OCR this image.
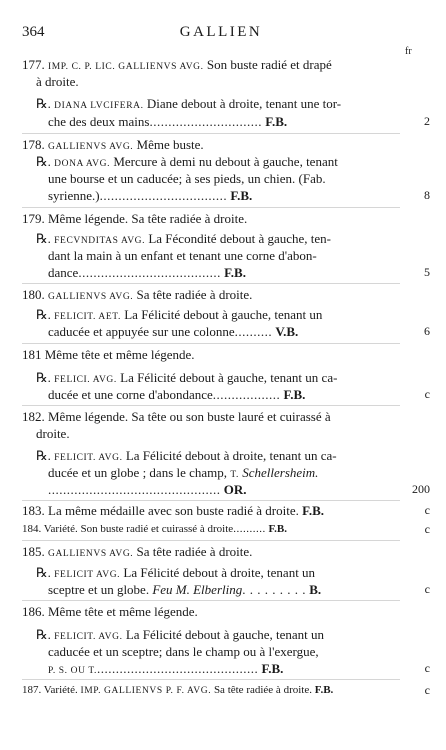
364	GALLIEN
fr
177. IMP. C. P. LIC. GALLIENVS AVG. Son buste radié et drapé
à droite.
℞. DIANA LVCIFERA. Diane debout à droite, tenant une tor-
che des deux mains.............................. F.B.	2
178. GALLIENVS AVG. Même buste.
℞. DONA AVG. Mercure à demi nu debout à gauche, tenant
une bourse et un caducée; à ses pieds, un chien. (Fab.
syrienne.).................................. F.B.	8
179. Même légende. Sa tête radiée à droite.
℞. FECVNDITAS AVG. La Fécondité debout à gauche, ten-
dant la main à un enfant et tenant une corne d'abon-
dance...................................... F.B.	5
180. GALLIENVS AVG. Sa tête radiée à droite.
℞. FELICIT. AET. La Félicité debout à gauche, tenant un
caducée et appuyée sur une colonne.......... V.B.	6
181 Même tête et même légende.
℞. FELICI. AVG. La Félicité debout à gauche, tenant un ca-
ducée et une corne d'abondance.................. F.B.	c
182. Même légende. Sa tête ou son buste lauré et cuirassé à
droite.
℞. FELICIT. AVG. La Félicité debout à droite, tenant un ca-
ducée et un globe ; dans le champ, T. Schellersheim.
.............................................. OR.	200
183. La même médaille avec son buste radié à droite. F.B.	c
184. Variété. Son buste radié et cuirassé à droite.......... F.B.	c
185. GALLIENVS AVG. Sa tête radiée à droite.
℞. FELICIT AVG. La Félicité debout à droite, tenant un
sceptre et un globe. Feu M. Elberling. . . . . . . . . B.	c
186. Même tête et même légende.
℞. FELICIT. AVG. La Félicité debout à gauche, tenant un
caducée et un sceptre; dans le champ ou à l'exergue,
P. S. OU T............................................ F.B.	c
187. Variété. IMP. GALLIENVS P. F. AVG. Sa tête radiée à droite. F.B.	c
